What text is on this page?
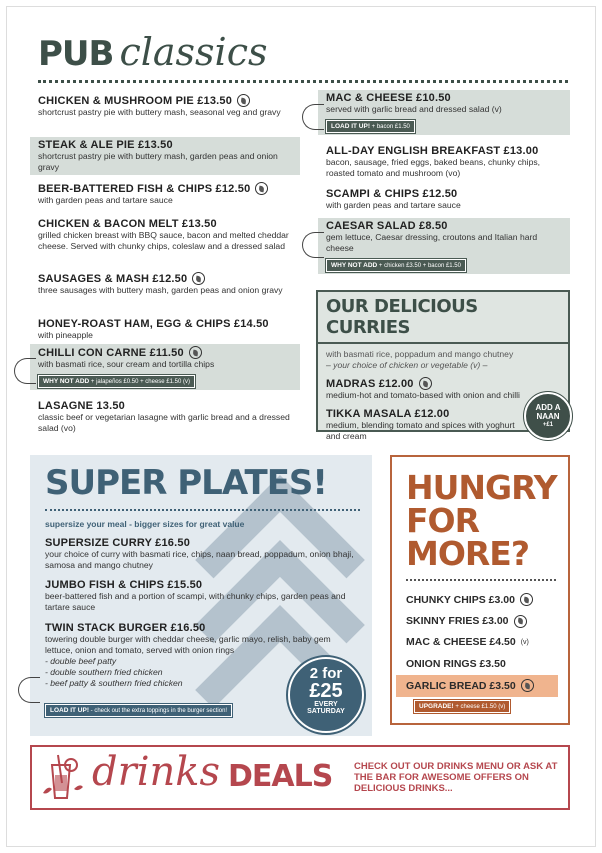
PUB classics
CHICKEN & MUSHROOM PIE £13.50
shortcrust pastry pie with buttery mash, seasonal veg and gravy
STEAK & ALE PIE £13.50
shortcrust pastry pie with buttery mash, garden peas and onion gravy
BEER-BATTERED FISH & CHIPS £12.50
with garden peas and tartare sauce
CHICKEN & BACON MELT £13.50
grilled chicken breast with BBQ sauce, bacon and melted cheddar cheese. Served with chunky chips, coleslaw and a dressed salad
SAUSAGES & MASH £12.50
three sausages with buttery mash, garden peas and onion gravy
HONEY-ROAST HAM, EGG & CHIPS £14.50
with pineapple
CHILLI CON CARNE £11.50
with basmati rice, sour cream and tortilla chips
WHY NOT ADD + jalapeños £0.50 + cheese £1.50 (v)
LASAGNE 13.50
classic beef or vegetarian lasagne with garlic bread and a dressed salad (vo)
MAC & CHEESE £10.50
served with garlic bread and dressed salad (v)
LOAD IT UP! + bacon £1.50
ALL-DAY ENGLISH BREAKFAST £13.00
bacon, sausage, fried eggs, baked beans, chunky chips, roasted tomato and mushroom (vo)
SCAMPI & CHIPS £12.50
with garden peas and tartare sauce
CAESAR SALAD £8.50
gem lettuce, Caesar dressing, croutons and Italian hard cheese
WHY NOT ADD + chicken £3.50 + bacon £1.50
OUR DELICIOUS CURRIES
with basmati rice, poppadum and mango chutney
– your choice of chicken or vegetable (v) –
MADRAS £12.00
medium-hot and tomato-based with onion and chilli
TIKKA MASALA £12.00
medium, blending tomato and spices with yoghurt and cream
ADD A
NAAN
+£1
SUPER PLATES!
supersize your meal - bigger sizes for great value
SUPERSIZE CURRY £16.50
your choice of curry with basmati rice, chips, naan bread, poppadum, onion bhaji, samosa and mango chutney
JUMBO FISH & CHIPS £15.50
beer-battered fish and a portion of scampi, with chunky chips, garden peas and tartare sauce
TWIN STACK BURGER £16.50
towering double burger with cheddar cheese, garlic mayo, relish, baby gem lettuce, onion and tomato, served with onion rings
- double beef patty
- double southern fried chicken
- beef patty & southern fried chicken
LOAD IT UP! - check out the extra toppings in the burger section!
2 for
£25
EVERY
SATURDAY
HUNGRY
FOR
MORE?
CHUNKY CHIPS £3.00
SKINNY FRIES £3.00
MAC & CHEESE £4.50 (v)
ONION RINGS £3.50
GARLIC BREAD £3.50
UPGRADE! + cheese £1.50 (v)
drinks DEALS CHECK OUT OUR DRINKS MENU OR ASK AT THE BAR FOR AWESOME OFFERS ON DELICIOUS DRINKS...
